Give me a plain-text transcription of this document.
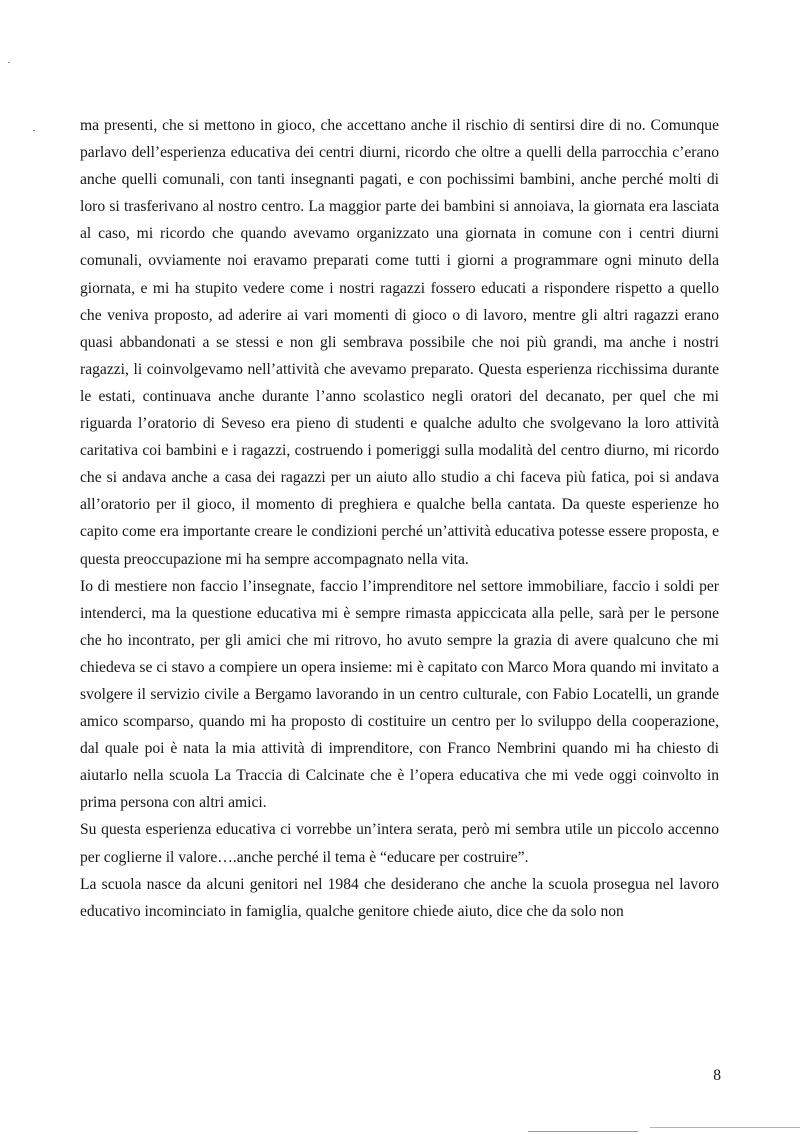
ma presenti, che si mettono in gioco, che accettano anche il rischio di sentirsi dire di no. Comunque parlavo dell’esperienza educativa dei centri diurni, ricordo che oltre a quelli della parrocchia c’erano anche quelli comunali, con tanti insegnanti pagati, e con pochissimi bambini, anche perché molti di loro si trasferivano al nostro centro. La maggior parte dei bambini si annoiava, la giornata era lasciata al caso, mi ricordo che quando avevamo organizzato una giornata in comune con i centri diurni comunali, ovviamente noi eravamo preparati come tutti i giorni a programmare ogni minuto della giornata, e mi ha stupito vedere come i nostri ragazzi fossero educati a rispondere rispetto a quello che veniva proposto, ad aderire ai vari momenti di gioco o di lavoro, mentre gli altri ragazzi erano quasi abbandonati a se stessi e non gli sembrava possibile che noi più grandi, ma anche i nostri ragazzi, li coinvolgevamo nell’attività che avevamo preparato. Questa esperienza ricchissima durante le estati, continuava anche durante l’anno scolastico negli oratori del decanato, per quel che mi riguarda l’oratorio di Seveso era pieno di studenti e qualche adulto che svolgevano la loro attività caritativa coi bambini e i ragazzi, costruendo i pomeriggi sulla modalità del centro diurno, mi ricordo che si andava anche a casa dei ragazzi per un aiuto allo studio a chi faceva più fatica, poi si andava all’oratorio per il gioco, il momento di preghiera e qualche bella cantata. Da queste esperienze ho capito come era importante creare le condizioni perché un’attività educativa potesse essere proposta, e questa preoccupazione mi ha sempre accompagnato nella vita.

Io di mestiere non faccio l’insegnate, faccio l’imprenditore nel settore immobiliare, faccio i soldi per intenderci, ma la questione educativa mi è sempre rimasta appiccicata alla pelle, sarà per le persone che ho incontrato, per gli amici che mi ritrovo, ho avuto sempre la grazia di avere qualcuno che mi chiedeva se ci stavo a compiere un opera insieme: mi è capitato con Marco Mora quando mi invitato a svolgere il servizio civile a Bergamo lavorando in un centro culturale, con Fabio Locatelli, un grande amico scomparso, quando mi ha proposto di costituire un centro per lo sviluppo della cooperazione, dal quale poi è nata la mia attività di imprenditore, con Franco Nembrini quando mi ha chiesto di aiutarlo nella scuola La Traccia di Calcinate che è l’opera educativa che mi vede oggi coinvolto in prima persona con altri amici.

Su questa esperienza educativa ci vorrebbe un’intera serata, però mi sembra utile un piccolo accenno per coglierne il valore….anche perché il tema è “educare per costruire”.

La scuola nasce da alcuni genitori nel 1984 che desiderano che anche la scuola prosegua nel lavoro educativo incominciato in famiglia, qualche genitore chiede aiuto, dice che da solo non

8
